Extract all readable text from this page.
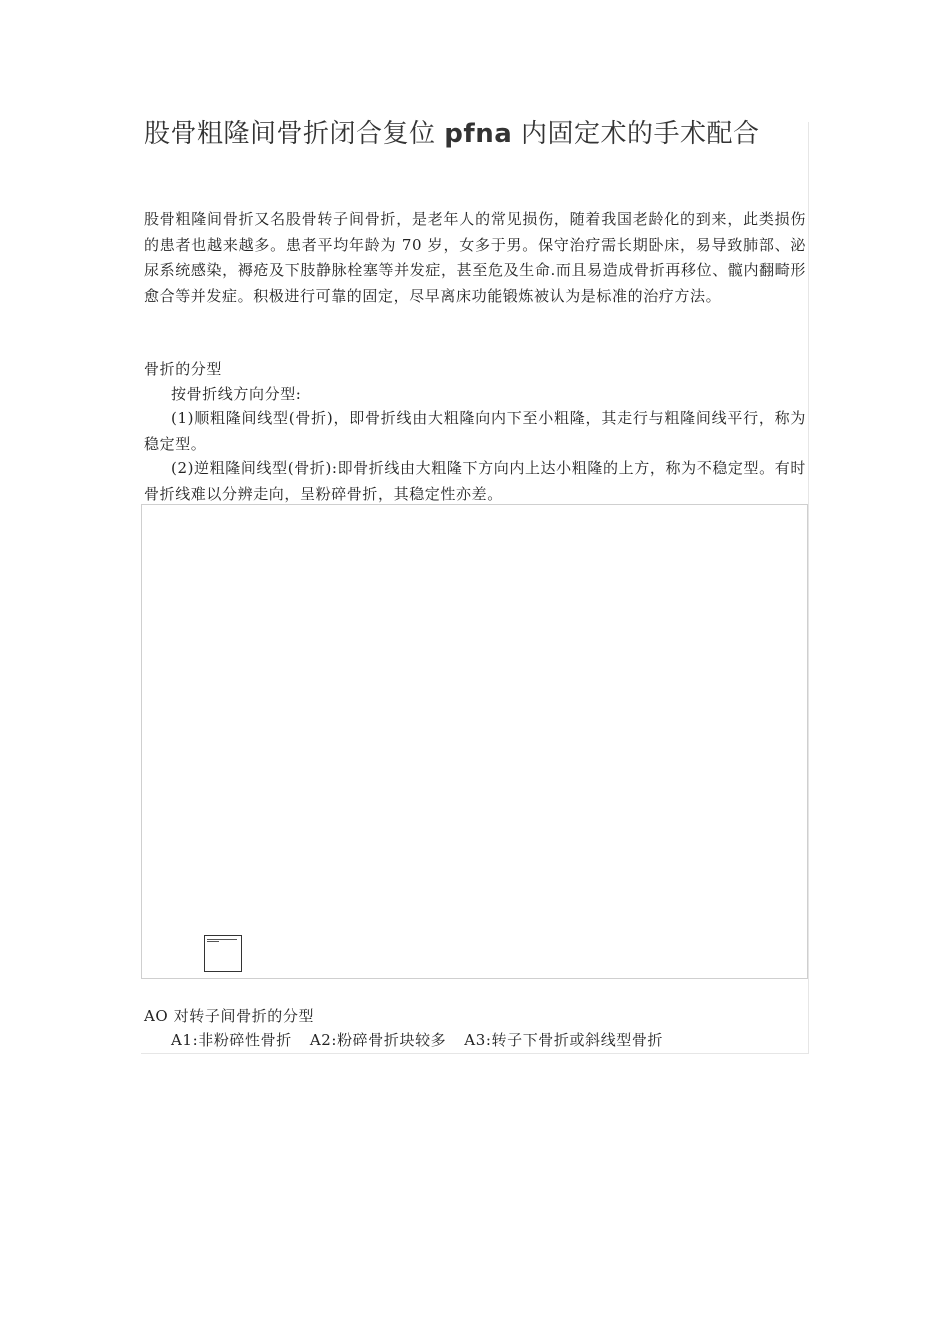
股骨粗隆间骨折闭合复位 pfna 内固定术的手术配合

股骨粗隆间骨折又名股骨转子间骨折，是老年人的常见损伤，随着我国老龄化的到来，此类损伤的患者也越来越多。患者平均年龄为 70 岁，女多于男。保守治疗需长期卧床，易导致肺部、泌尿系统感染，褥疮及下肢静脉栓塞等并发症，甚至危及生命.而且易造成骨折再移位、髋内翻畸形愈合等并发症。积极进行可靠的固定，尽早离床功能锻炼被认为是标准的治疗方法。

骨折的分型

按骨折线方向分型:

(1)顺粗隆间线型(骨折)，即骨折线由大粗隆向内下至小粗隆，其走行与粗隆间线平行，称为稳定型。

(2)逆粗隆间线型(骨折):即骨折线由大粗隆下方向内上达小粗隆的上方，称为不稳定型。有时骨折线难以分辨走向，呈粉碎骨折，其稳定性亦差。

AO 对转子间骨折的分型

A1:非粉碎性骨折 A2:粉碎骨折块较多 A3:转子下骨折或斜线型骨折
